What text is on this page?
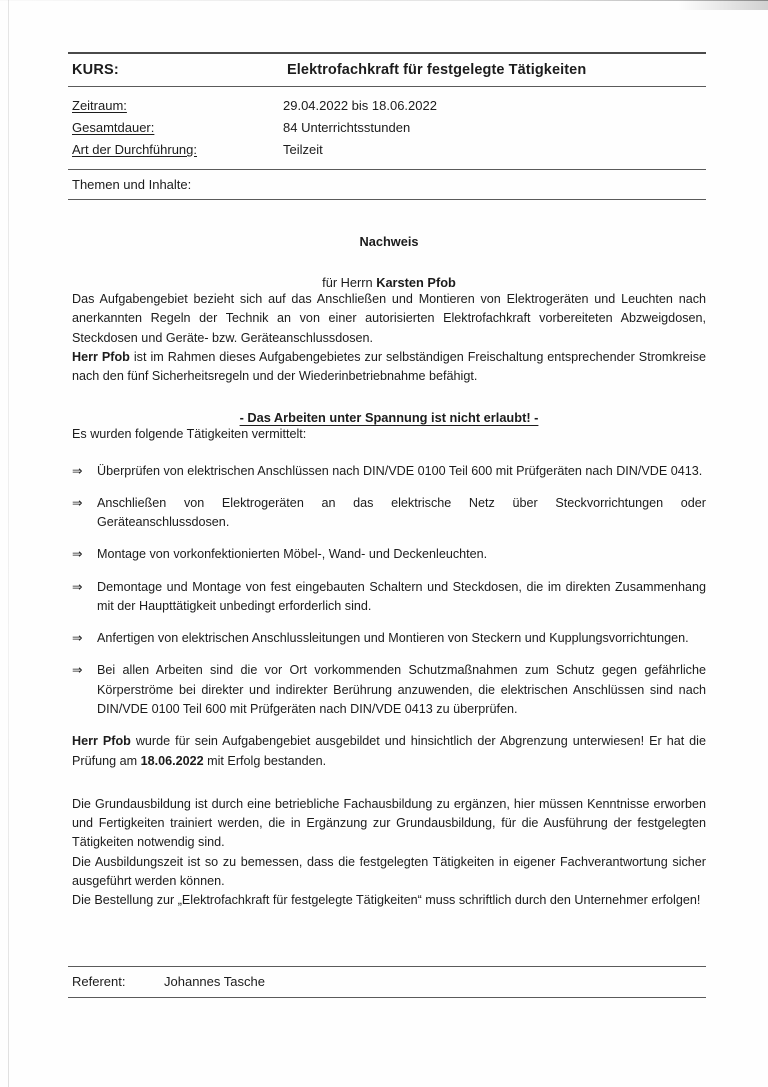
KURS:	Elektrofachkraft für festgelegte Tätigkeiten
Zeitraum:	29.04.2022 bis 18.06.2022
Gesamtdauer:	84 Unterrichtsstunden
Art der Durchführung:	Teilzeit
Themen und Inhalte:
Nachweis
für Herrn Karsten Pfob

Das Aufgabengebiet bezieht sich auf das Anschließen und Montieren von Elektrogeräten und Leuchten nach anerkannten Regeln der Technik an von einer autorisierten Elektrofachkraft vorbereiteten Abzweigdosen, Steckdosen und Geräte- bzw. Geräteanschlussdosen.

Herr Pfob ist im Rahmen dieses Aufgabengebietes zur selbständigen Freischaltung entsprechender Stromkreise nach den fünf Sicherheitsregeln und der Wiederinbetriebnahme befähigt.

- Das Arbeiten unter Spannung ist nicht erlaubt! -

Es wurden folgende Tätigkeiten vermittelt:

⇒ Überprüfen von elektrischen Anschlüssen nach DIN/VDE 0100 Teil 600 mit Prüfgeräten nach DIN/VDE 0413.
⇒ Anschließen von Elektrogeräten an das elektrische Netz über Steckvorrichtungen oder Geräteanschlussdosen.
⇒ Montage von vorkonfektionierten Möbel-, Wand- und Deckenleuchten.
⇒ Demontage und Montage von fest eingebauten Schaltern und Steckdosen, die im direkten Zusammenhang mit der Haupttätigkeit unbedingt erforderlich sind.
⇒ Anfertigen von elektrischen Anschlussleitungen und Montieren von Steckern und Kupplungsvorrichtungen.
⇒ Bei allen Arbeiten sind die vor Ort vorkommenden Schutzmaßnahmen zum Schutz gegen gefährliche Körperströme bei direkter und indirekter Berührung anzuwenden, die elektrischen Anschlüssen sind nach DIN/VDE 0100 Teil 600 mit Prüfgeräten nach DIN/VDE 0413 zu überprüfen.

Herr Pfob wurde für sein Aufgabengebiet ausgebildet und hinsichtlich der Abgrenzung unterwiesen! Er hat die Prüfung am 18.06.2022 mit Erfolg bestanden.

Die Grundausbildung ist durch eine betriebliche Fachausbildung zu ergänzen, hier müssen Kenntnisse erworben und Fertigkeiten trainiert werden, die in Ergänzung zur Grundausbildung, für die Ausführung der festgelegten Tätigkeiten notwendig sind.

Die Ausbildungszeit ist so zu bemessen, dass die festgelegten Tätigkeiten in eigener Fachverantwortung sicher ausgeführt werden können.

Die Bestellung zur „Elektrofachkraft für festgelegte Tätigkeiten“ muss schriftlich durch den Unternehmer erfolgen!

Referent:	Johannes Tasche
